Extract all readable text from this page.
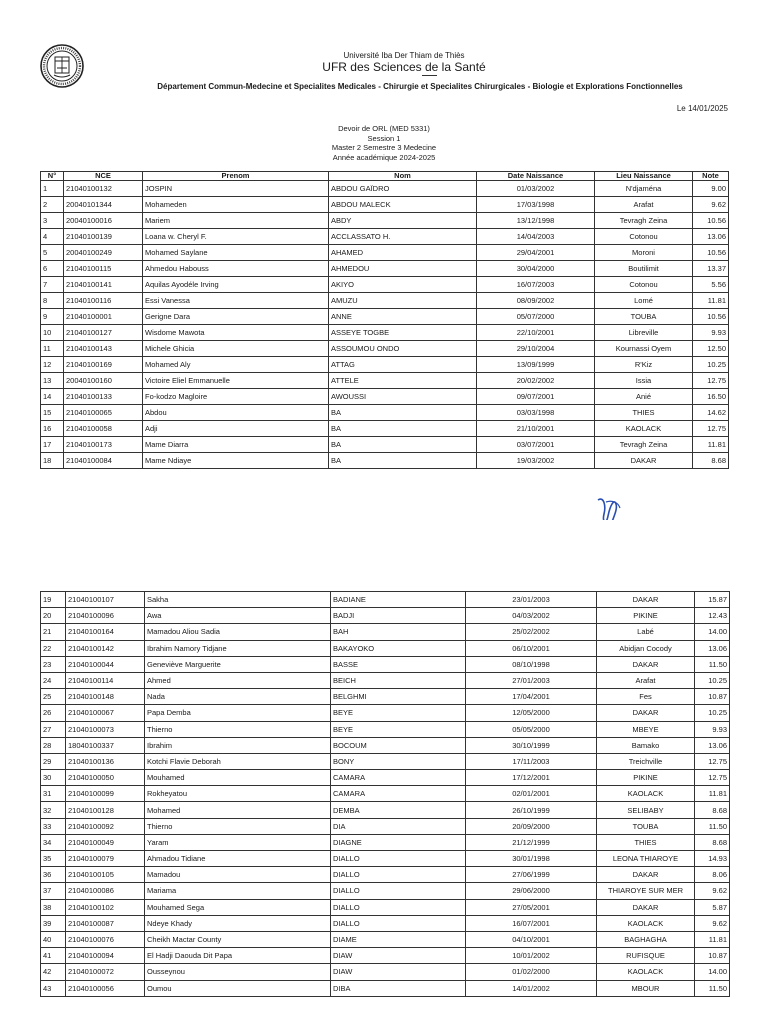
Université Iba Der Thiam de Thiès
UFR des Sciences de la Santé
Département Commun-Medecine et Specialites Medicales - Chirurgie et Specialites Chirurgicales - Biologie et Explorations Fonctionnelles
Le 14/01/2025
Devoir de ORL (MED 5331)
Session 1
Master 2 Semestre 3 Medecine
Année académique 2024-2025
N°	NCE	Prenom	Nom	Date Naissance	Lieu Naissance	Note
1	21040100132	JOSPIN	ABDOU GAÏDRO	01/03/2002	N'djaména	9.00
2	20040101344	Mohameden	ABDOU MALECK	17/03/1998	Arafat	9.62
3	20040100016	Mariem	ABDY	13/12/1998	Tevragh Zeina	10.56
4	21040100139	Loana w. Cheryl F.	ACCLASSATO H.	14/04/2003	Cotonou	13.06
5	20040100249	Mohamed Saylane	AHAMED	29/04/2001	Moroni	10.56
6	21040100115	Ahmedou Habouss	AHMEDOU	30/04/2000	Boutilimit	13.37
7	21040100141	Aquilas Ayodéle Irving	AKIYO	16/07/2003	Cotonou	5.56
8	21040100116	Essi Vanessa	AMUZU	08/09/2002	Lomé	11.81
9	21040100001	Gerigne Dara	ANNE	05/07/2000	TOUBA	10.56
10	21040100127	Wisdome Mawota	ASSEYE TOGBE	22/10/2001	Libreville	9.93
11	21040100143	Michele Ghicia	ASSOUMOU ONDO	29/10/2004	Kournassi Oyem	12.50
12	21040100169	Mohamed Aly	ATTAG	13/09/1999	R'Kiz	10.25
13	20040100160	Victoire Eliel Emmanuelle	ATTELE	20/02/2002	Issia	12.75
14	21040100133	Fo-kodzo Magloire	AWOUSSI	09/07/2001	Anié	16.50
15	21040100065	Abdou	BA	03/03/1998	THIES	14.62
16	21040100058	Adji	BA	21/10/2001	KAOLACK	12.75
17	21040100173	Mame Diarra	BA	03/07/2001	Tevragh Zeina	11.81
18	21040100084	Mame Ndiaye	BA	19/03/2002	DAKAR	8.68
19	21040100107	Sakha	BADIANE	23/01/2003	DAKAR	15.87
20	21040100096	Awa	BADJI	04/03/2002	PIKINE	12.43
21	21040100164	Mamadou Aliou Sadia	BAH	25/02/2002	Labé	14.00
22	21040100142	Ibrahim Namory Tidjane	BAKAYOKO	06/10/2001	Abidjan Cocody	13.06
23	21040100044	Geneviève Marguerite	BASSE	08/10/1998	DAKAR	11.50
24	21040100114	Ahmed	BEICH	27/01/2003	Arafat	10.25
25	21040100148	Nada	BELGHMI	17/04/2001	Fes	10.87
26	21040100067	Papa Demba	BEYE	12/05/2000	DAKAR	10.25
27	21040100073	Thierno	BEYE	05/05/2000	MBEYE	9.93
28	18040100337	Ibrahim	BOCOUM	30/10/1999	Bamako	13.06
29	21040100136	Kotchi Flavie Deborah	BONY	17/11/2003	Treichville	12.75
30	21040100050	Mouhamed	CAMARA	17/12/2001	PIKINE	12.75
31	21040100099	Rokheyatou	CAMARA	02/01/2001	KAOLACK	11.81
32	21040100128	Mohamed	DEMBA	26/10/1999	SELIBABY	8.68
33	21040100092	Thierno	DIA	20/09/2000	TOUBA	11.50
34	21040100049	Yaram	DIAGNE	21/12/1999	THIES	8.68
35	21040100079	Ahmadou Tidiane	DIALLO	30/01/1998	LEONA THIAROYE	14.93
36	21040100105	Mamadou	DIALLO	27/06/1999	DAKAR	8.06
37	21040100086	Mariama	DIALLO	29/06/2000	THIAROYE SUR MER	9.62
38	21040100102	Mouhamed Sega	DIALLO	27/05/2001	DAKAR	5.87
39	21040100087	Ndeye Khady	DIALLO	16/07/2001	KAOLACK	9.62
40	21040100076	Cheikh Mactar County	DIAME	04/10/2001	BAGHAGHA	11.81
41	21040100094	El Hadji Daouda Dit Papa	DIAW	10/01/2002	RUFISQUE	10.87
42	21040100072	Ousseynou	DIAW	01/02/2000	KAOLACK	14.00
43	21040100056	Oumou	DIBA	14/01/2002	MBOUR	11.50
